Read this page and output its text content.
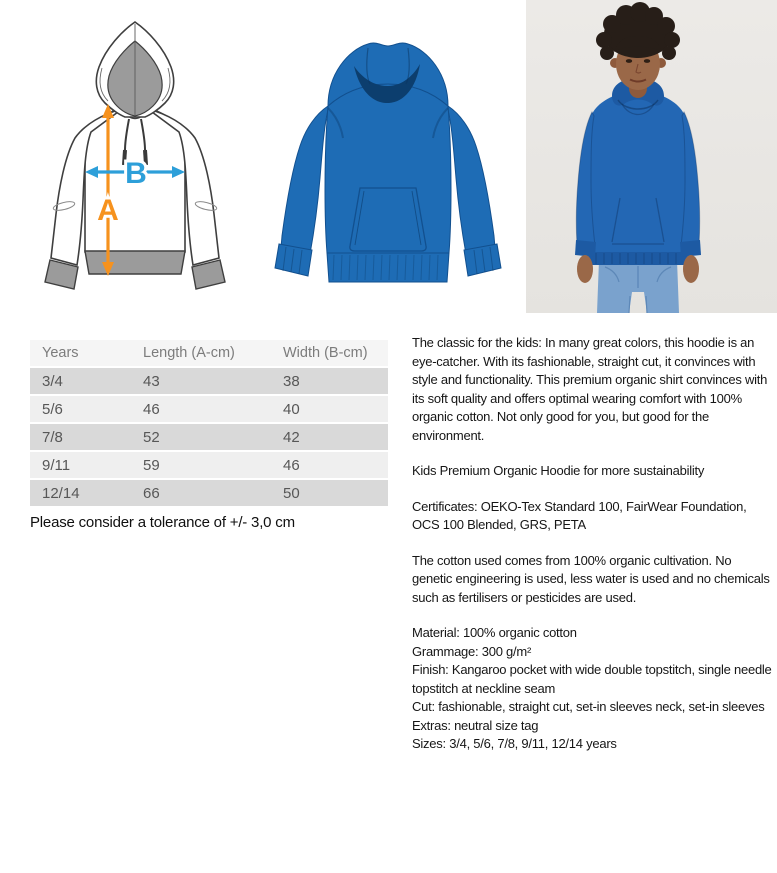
B
A
Years	Length (A-cm)	Width (B-cm)
3/4	43	38
5/6	46	40
7/8	52	42
9/11	59	46
12/14	66	50

Please consider a tolerance of +/- 3,0 cm

The classic for the kids: In many great colors, this hoodie is an eye-catcher. With its fashionable, straight cut, it convinces with style and functionality. This premium organic shirt convinces with its soft quality and offers optimal wearing comfort with 100% organic cotton. Not only good for you, but good for the environment.

Kids Premium Organic Hoodie for more sustainability

Certificates: OEKO-Tex Standard 100, FairWear Foundation, OCS 100 Blended, GRS, PETA

The cotton used comes from 100% organic cultivation. No genetic engineering is used, less water is used and no chemicals such as fertilisers or pesticides are used.

Material: 100% organic cotton
Grammage: 300 g/m²
Finish: Kangaroo pocket with wide double topstitch, single needle topstitch at neckline seam
Cut: fashionable, straight cut, set-in sleeves neck, set-in sleeves
Extras: neutral size tag
Sizes: 3/4, 5/6, 7/8, 9/11, 12/14 years
